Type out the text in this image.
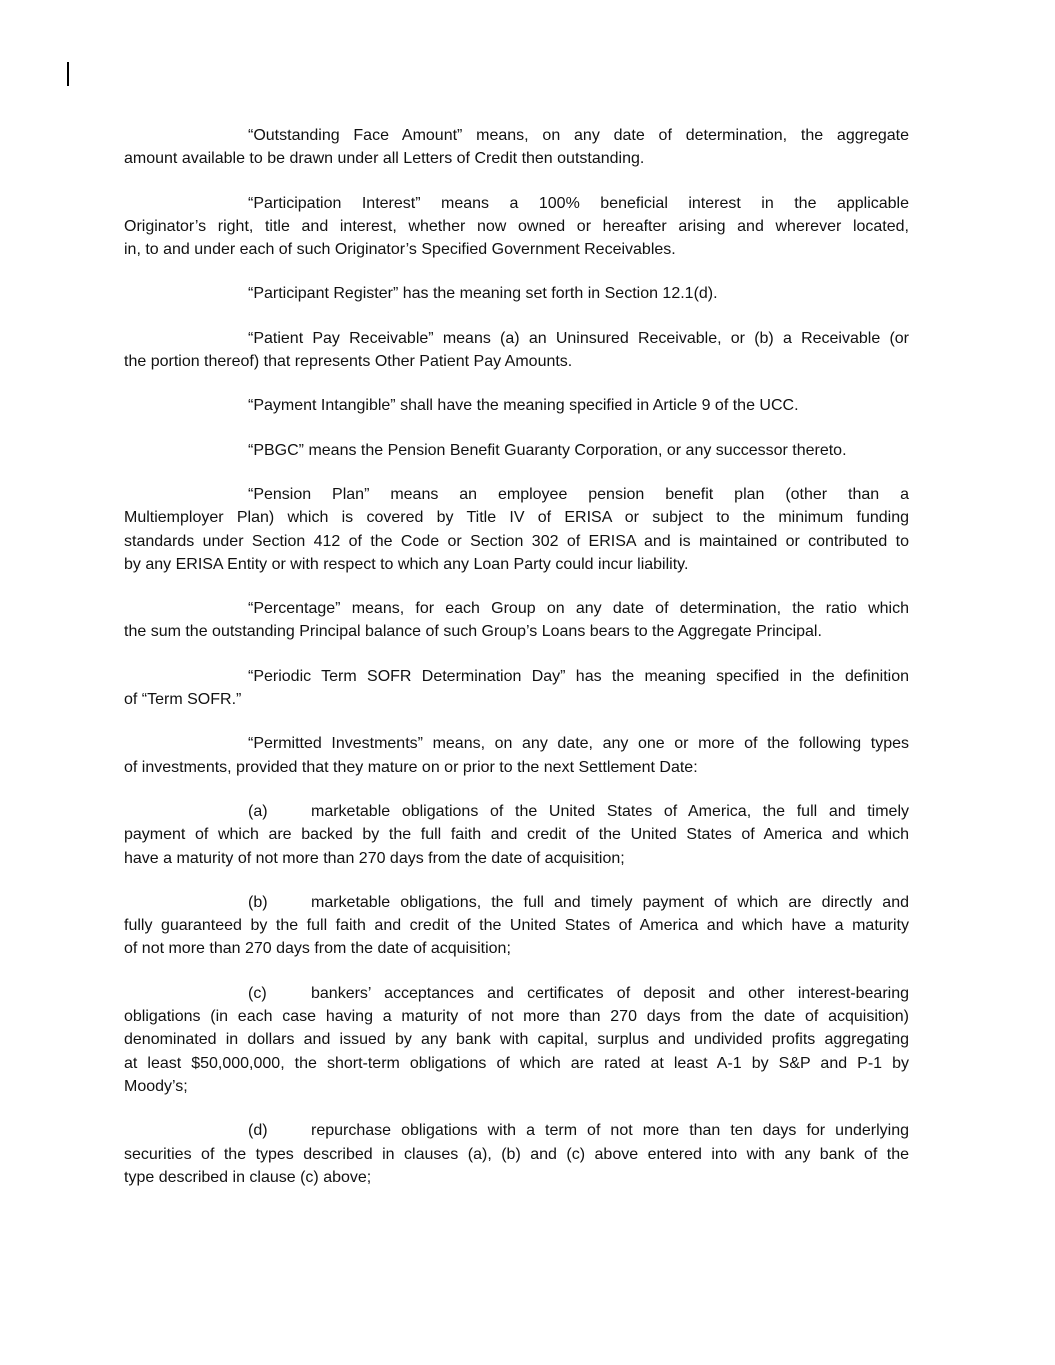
“Outstanding Face Amount” means, on any date of determination, the aggregate
amount available to be drawn under all Letters of Credit then outstanding.
“Participation Interest” means a 100% beneficial interest in the applicable
Originator’s right, title and interest, whether now owned or hereafter arising and wherever located,
in, to and under each of such Originator’s Specified Government Receivables.
“Participant Register” has the meaning set forth in Section 12.1(d).
“Patient Pay Receivable” means (a) an Uninsured Receivable, or (b) a Receivable (or
the portion thereof) that represents Other Patient Pay Amounts.
“Payment Intangible” shall have the meaning specified in Article 9 of the UCC.
“PBGC” means the Pension Benefit Guaranty Corporation, or any successor thereto.
“Pension Plan” means an employee pension benefit plan (other than a
Multiemployer Plan) which is covered by Title IV of ERISA or subject to the minimum funding
standards under Section 412 of the Code or Section 302 of ERISA and is maintained or contributed to
by any ERISA Entity or with respect to which any Loan Party could incur liability.
“Percentage” means, for each Group on any date of determination, the ratio which
the sum the outstanding Principal balance of such Group’s Loans bears to the Aggregate Principal.
“Periodic Term SOFR Determination Day” has the meaning specified in the definition
of “Term SOFR.”
“Permitted Investments” means, on any date, any one or more of the following types
of investments, provided that they mature on or prior to the next Settlement Date:
(a)	marketable obligations of the United States of America, the full and timely
payment of which are backed by the full faith and credit of the United States of America and which
have a maturity of not more than 270 days from the date of acquisition;
(b)	marketable obligations, the full and timely payment of which are directly and
fully guaranteed by the full faith and credit of the United States of America and which have a maturity
of not more than 270 days from the date of acquisition;
(c)	bankers’ acceptances and certificates of deposit and other interest-bearing
obligations (in each case having a maturity of not more than 270 days from the date of acquisition)
denominated in dollars and issued by any bank with capital, surplus and undivided profits aggregating
at least $50,000,000, the short-term obligations of which are rated at least A-1 by S&P and P-1 by
Moody’s;
(d)	repurchase obligations with a term of not more than ten days for underlying
securities of the types described in clauses (a), (b) and (c) above entered into with any bank of the
type described in clause (c) above;
